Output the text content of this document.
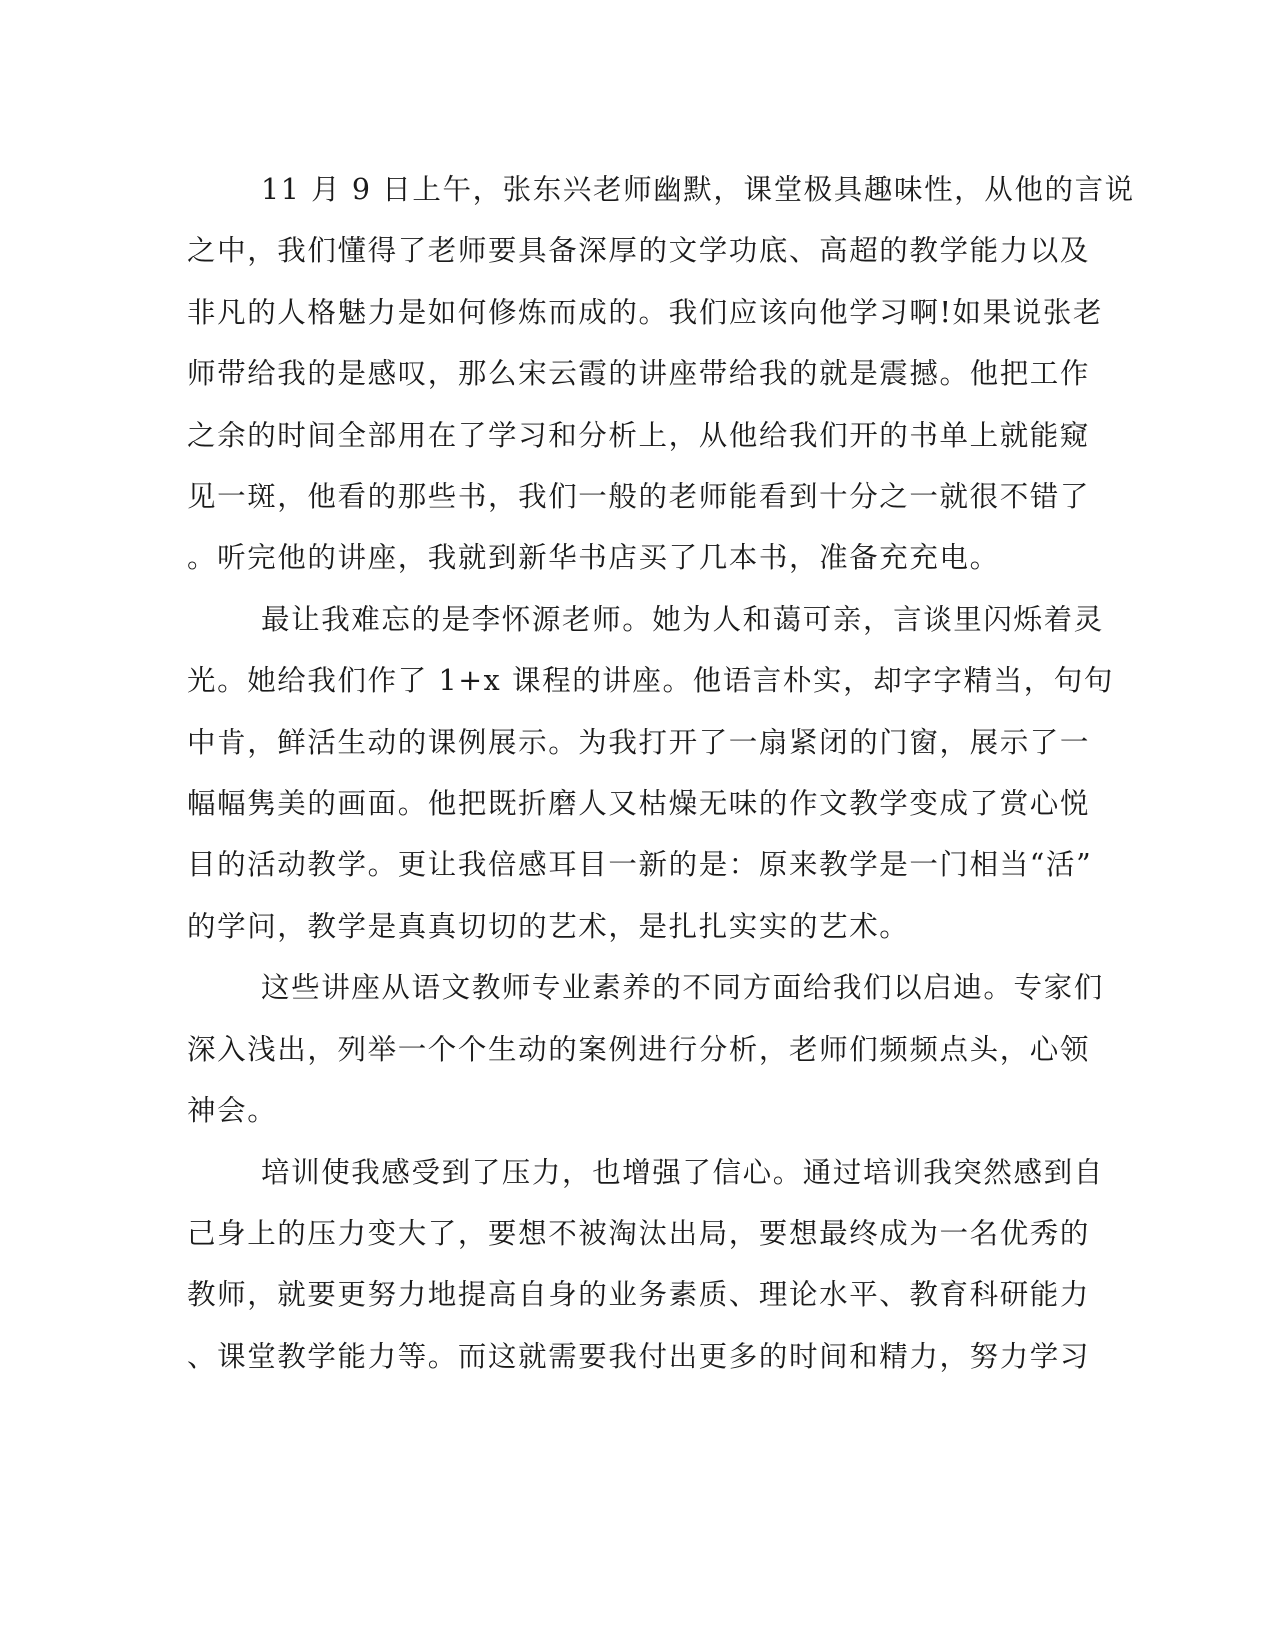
11 月 9 日上午，张东兴老师幽默，课堂极具趣味性，从他的言说
之中，我们懂得了老师要具备深厚的文学功底、高超的教学能力以及
非凡的人格魅力是如何修炼而成的。我们应该向他学习啊!如果说张老
师带给我的是感叹，那么宋云霞的讲座带给我的就是震撼。他把工作
之余的时间全部用在了学习和分析上，从他给我们开的书单上就能窥
见一斑，他看的那些书，我们一般的老师能看到十分之一就很不错了
。听完他的讲座，我就到新华书店买了几本书，准备充充电。

最让我难忘的是李怀源老师。她为人和蔼可亲，言谈里闪烁着灵
光。她给我们作了 1+x 课程的讲座。他语言朴实，却字字精当，句句
中肯，鲜活生动的课例展示。为我打开了一扇紧闭的门窗，展示了一
幅幅隽美的画面。他把既折磨人又枯燥无味的作文教学变成了赏心悦
目的活动教学。更让我倍感耳目一新的是：原来教学是一门相当“活”
的学问，教学是真真切切的艺术，是扎扎实实的艺术。

这些讲座从语文教师专业素养的不同方面给我们以启迪。专家们
深入浅出，列举一个个生动的案例进行分析，老师们频频点头，心领
神会。

培训使我感受到了压力，也增强了信心。通过培训我突然感到自
己身上的压力变大了，要想不被淘汰出局，要想最终成为一名优秀的
教师，就要更努力地提高自身的业务素质、理论水平、教育科研能力
、课堂教学能力等。而这就需要我付出更多的时间和精力，努力学习
